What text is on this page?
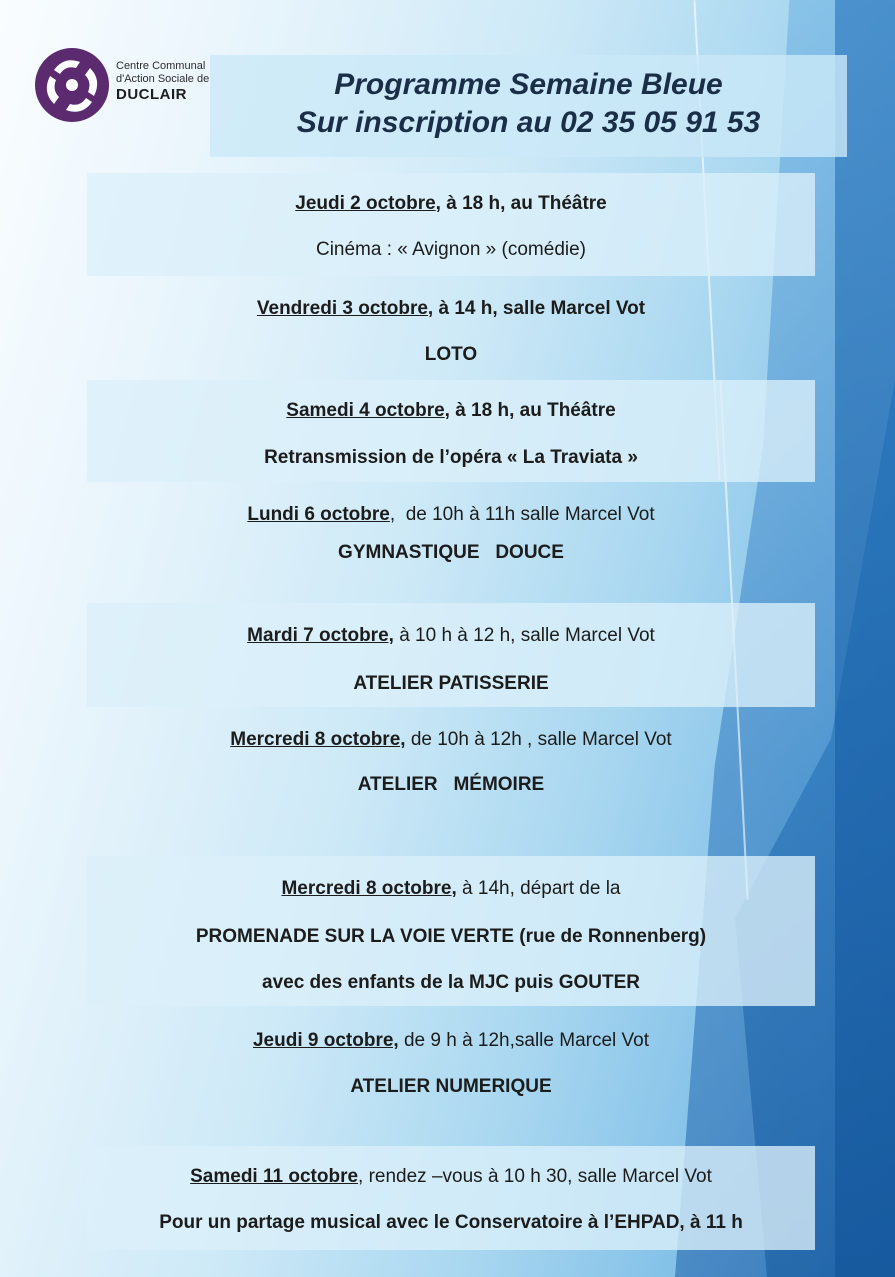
Centre Communal
d'Action Sociale de
DUCLAIR	Programme Semaine Bleue
Sur inscription au 02 35 05 91 53
Jeudi 2 octobre, à 18 h, au Théâtre
Cinéma : « Avignon » (comédie)
Vendredi 3 octobre, à 14 h, salle Marcel Vot
LOTO
Samedi 4 octobre, à 18 h, au Théâtre
Retransmission de l’opéra « La Traviata »
Lundi 6 octobre,  de 10h à 11h salle Marcel Vot
GYMNASTIQUE   DOUCE
Mardi 7 octobre, à 10 h à 12 h, salle Marcel Vot
ATELIER PATISSERIE
Mercredi 8 octobre, de 10h à 12h , salle Marcel Vot
ATELIER   MÉMOIRE
Mercredi 8 octobre, à 14h, départ de la
PROMENADE SUR LA VOIE VERTE (rue de Ronnenberg)
avec des enfants de la MJC puis GOUTER
Jeudi 9 octobre, de 9 h à 12h,salle Marcel Vot
ATELIER NUMERIQUE
Samedi 11 octobre, rendez –vous à 10 h 30, salle Marcel Vot
Pour un partage musical avec le Conservatoire à l’EHPAD, à 11 h
